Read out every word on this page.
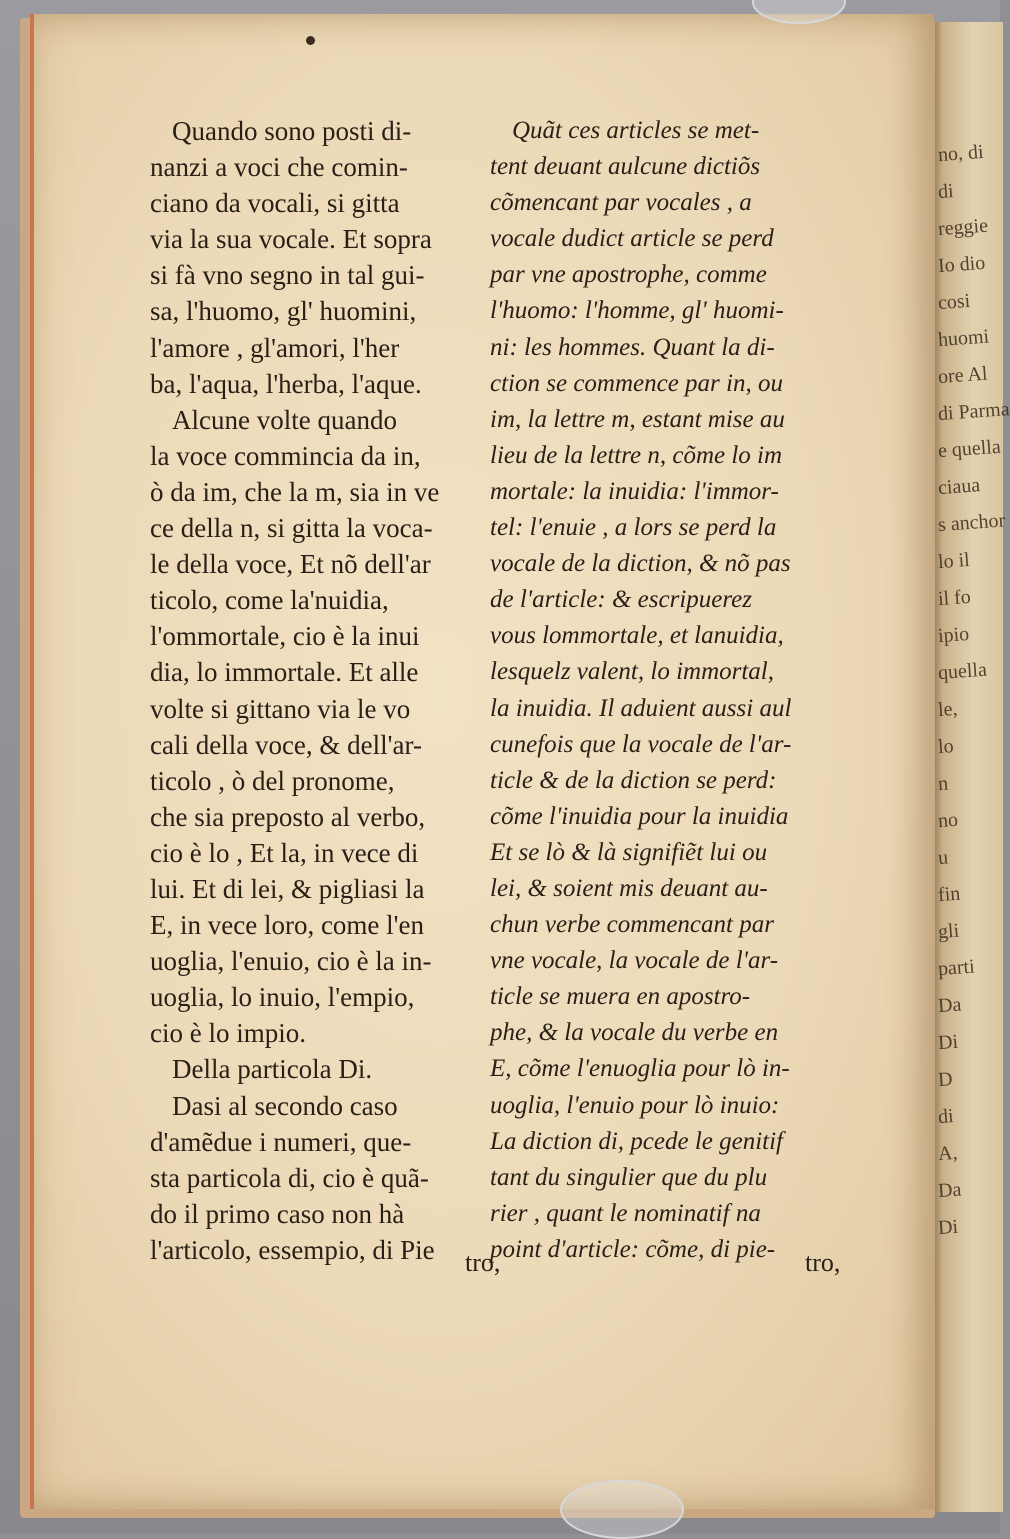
no, di
di
reggie
Io dio
cosi
huomi
ore Al
di Parma
e quella
ciaua
s anchor
lo il
il fo
ipio
quella
le,
lo
n
no
u
fin
gli
parti
Da
Di
D
di
A,
Da
Di
Quando sono posti di-
nanzi a voci che comin-
ciano da vocali, si gitta
via la sua vocale. Et sopra
si fà vno segno in tal gui-
sa, l'huomo, gl' huomini,
l'amore , gl'amori, l'her
ba, l'aqua, l'herba, l'aque.
Alcune volte quando
la voce commincia da in,
ò da im, che la m, sia in ve
ce della n, si gitta la voca-
le della voce, Et nõ dell'ar
ticolo, come la'nuidia,
l'ommortale, cio è la inui
dia, lo immortale. Et alle
volte si gittano via le vo
cali della voce, & dell'ar-
ticolo , ò del pronome,
che sia preposto al verbo,
cio è lo , Et la, in vece di
lui. Et di lei, & pigliasi la
E, in vece loro, come l'en
uoglia, l'enuio, cio è la in-
uoglia, lo inuio, l'empio,
cio è lo impio.
Della particola Di.
Dasi al secondo caso
d'amẽdue i numeri, que-
sta particola di, cio è quã-
do il primo caso non hà
l'articolo, essempio, di Pie
Quãt ces articles se met-
tent deuant aulcune dictiõs
cõmencant par vocales , a
vocale dudict article se perd
par vne apostrophe, comme
l'huomo: l'homme, gl' huomi-
ni: les hommes. Quant la di-
ction se commence par in, ou
im, la lettre m, estant mise au
lieu de la lettre n, cõme lo im
mortale: la inuidia: l'immor-
tel: l'enuie , a lors se perd la
vocale de la diction, & nõ pas
de l'article: & escripuerez
vous lommortale, et lanuidia,
lesquelz valent, lo immortal,
la inuidia. Il aduient aussi aul
cunefois que la vocale de l'ar-
ticle & de la diction se perd:
cõme l'inuidia pour la inuidia
Et se lò & là signifiẽt lui ou
lei, & soient mis deuant au-
chun verbe commencant par
vne vocale, la vocale de l'ar-
ticle se muera en apostro-
phe, & la vocale du verbe en
E, cõme l'enuoglia pour lò in-
uoglia, l'enuio pour lò inuio:
La diction di, pcede le genitif
tant du singulier que du plu
rier , quant le nominatif na
point d'article: cõme, di pie-
tro,	tro,
